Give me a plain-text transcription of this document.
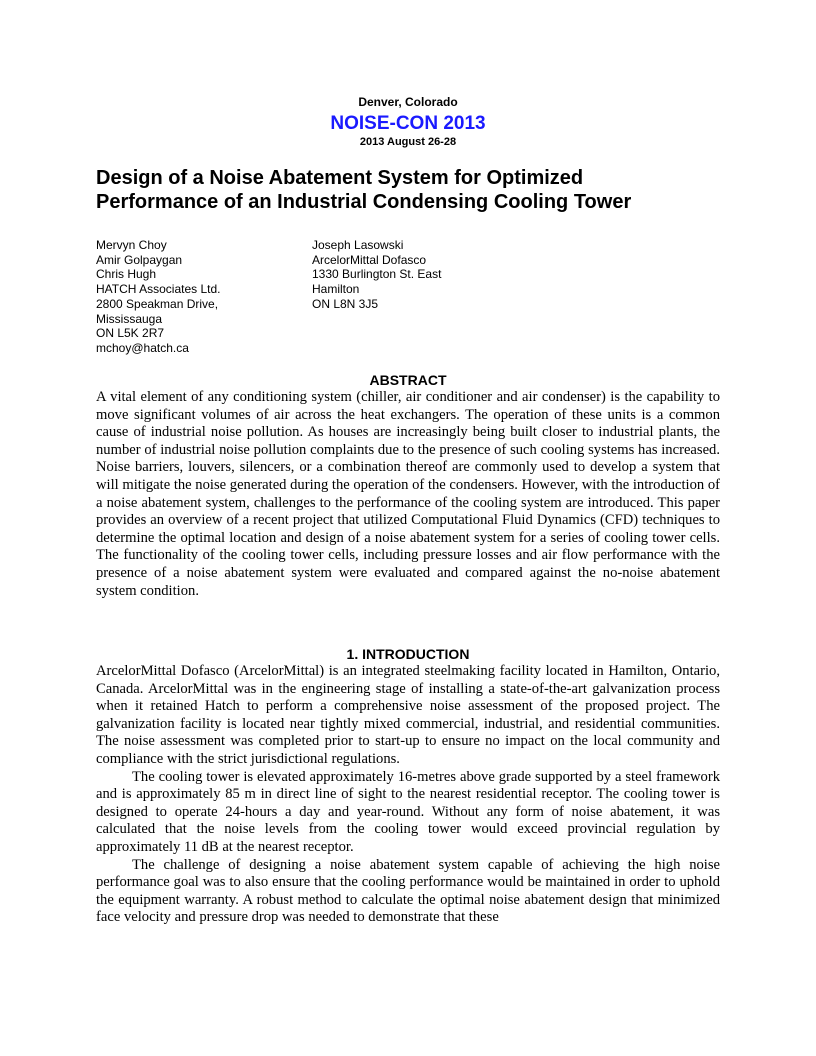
Denver, Colorado
NOISE-CON 2013
2013 August 26-28
Design of a Noise Abatement System for Optimized
Performance of an Industrial Condensing Cooling Tower
Mervyn Choy
Amir Golpaygan
Chris Hugh
HATCH Associates Ltd.
2800 Speakman Drive,
Mississauga
ON L5K 2R7
mchoy@hatch.ca
Joseph Lasowski
ArcelorMittal Dofasco
1330 Burlington St. East
Hamilton
ON L8N 3J5
ABSTRACT

A vital element of any conditioning system (chiller, air conditioner and air condenser) is the capability to move significant volumes of air across the heat exchangers. The operation of these units is a common cause of industrial noise pollution. As houses are increasingly being built closer to industrial plants, the number of industrial noise pollution complaints due to the presence of such cooling systems has increased. Noise barriers, louvers, silencers, or a combination thereof are commonly used to develop a system that will mitigate the noise generated during the operation of the condensers. However, with the introduction of a noise abatement system, challenges to the performance of the cooling system are introduced. This paper provides an overview of a recent project that utilized Computational Fluid Dynamics (CFD) techniques to determine the optimal location and design of a noise abatement system for a series of cooling tower cells. The functionality of the cooling tower cells, including pressure losses and air flow performance with the presence of a noise abatement system were evaluated and compared against the no-noise abatement system condition.

1. INTRODUCTION

ArcelorMittal Dofasco (ArcelorMittal) is an integrated steelmaking facility located in Hamilton, Ontario, Canada. ArcelorMittal was in the engineering stage of installing a state-of-the-art galvanization process when it retained Hatch to perform a comprehensive noise assessment of the proposed project. The galvanization facility is located near tightly mixed commercial, industrial, and residential communities. The noise assessment was completed prior to start-up to ensure no impact on the local community and compliance with the strict jurisdictional regulations.

The cooling tower is elevated approximately 16-metres above grade supported by a steel framework and is approximately 85 m in direct line of sight to the nearest residential receptor. The cooling tower is designed to operate 24-hours a day and year-round. Without any form of noise abatement, it was calculated that the noise levels from the cooling tower would exceed provincial regulation by approximately 11 dB at the nearest receptor.

The challenge of designing a noise abatement system capable of achieving the high noise performance goal was to also ensure that the cooling performance would be maintained in order to uphold the equipment warranty. A robust method to calculate the optimal noise abatement design that minimized face velocity and pressure drop was needed to demonstrate that these
